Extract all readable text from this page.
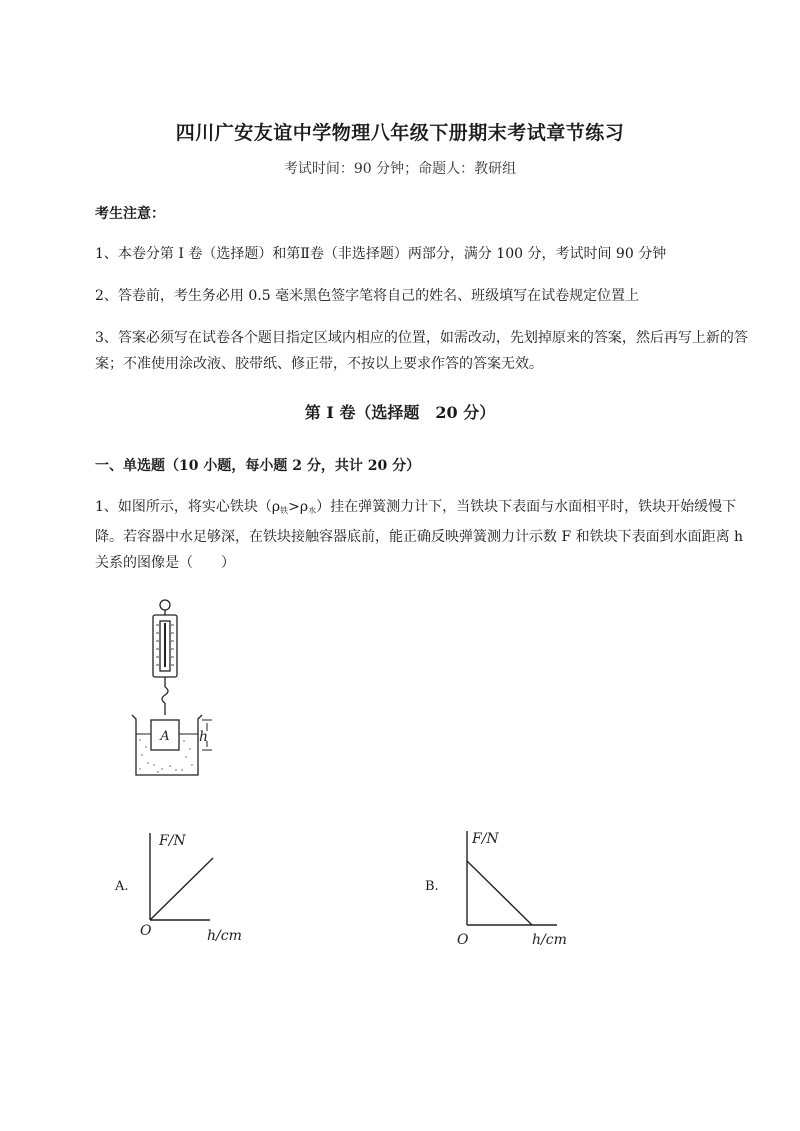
四川广安友谊中学物理八年级下册期末考试章节练习
考试时间：90 分钟；命题人：教研组
考生注意：
1、本卷分第 I 卷（选择题）和第Ⅱ卷（非选择题）两部分，满分 100 分，考试时间 90 分钟
2、答卷前，考生务必用 0.5 毫米黑色签字笔将自己的姓名、班级填写在试卷规定位置上
3、答案必须写在试卷各个题目指定区域内相应的位置，如需改动，先划掉原来的答案，然后再写上新的答案；不准使用涂改液、胶带纸、修正带，不按以上要求作答的答案无效。
第 I 卷（选择题　20 分）
一、单选题（10 小题，每小题 2 分，共计 20 分）
1、如图所示，将实心铁块$(\rho_铁>\rho_水)$挂在弹簧测力计下，当铁块下表面与水面相平时，铁块开始缓慢下降。若容器中水足够深，在铁块接触容器底前，能正确反映弹簧测力计示数 F 和铁块下表面到水面距离 h 关系的图像是（　　）
A h
A.
F/N
h/cm
O
B.
F/N
h/cm
O
